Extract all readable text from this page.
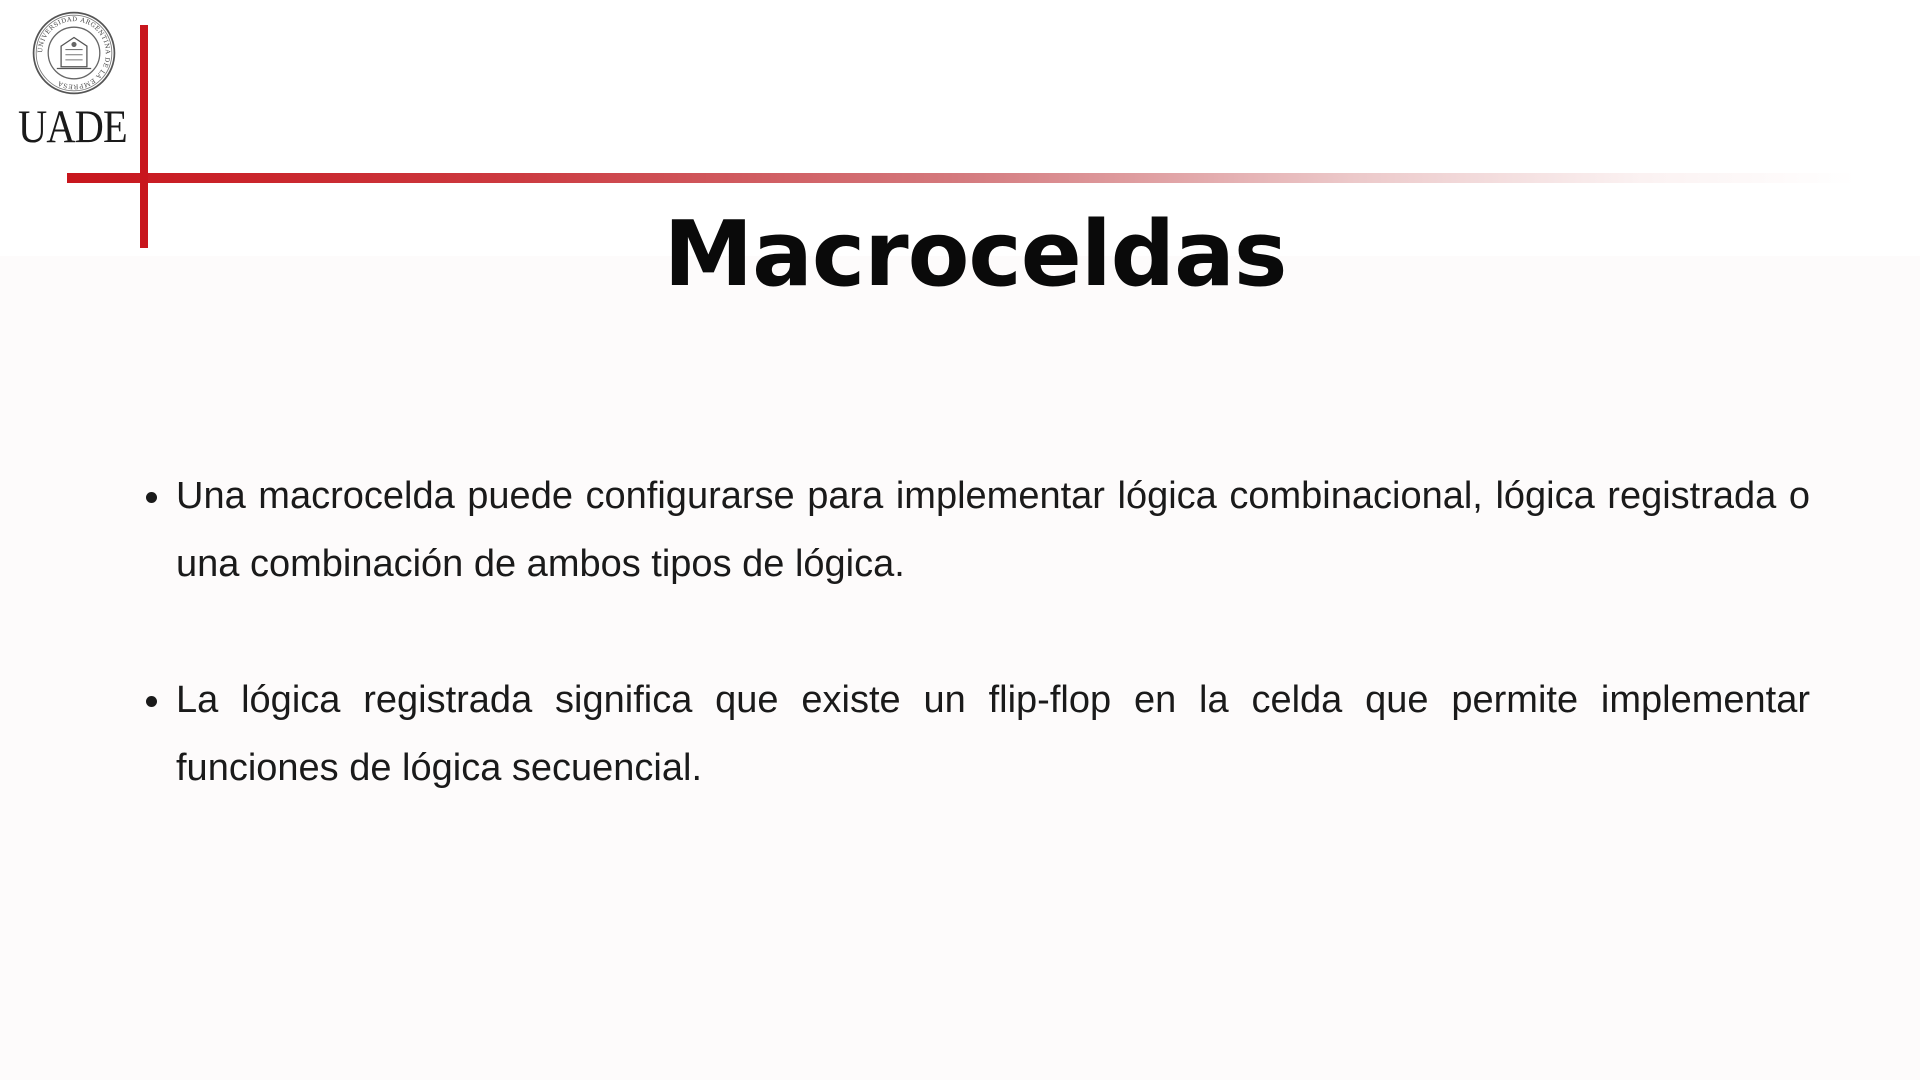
UNIVERSIDAD ARGENTINA DE LA EMPRESA
UADE
Macroceldas
Una macrocelda puede configurarse para implementar lógica combinacional, lógica registrada o una combinación de ambos tipos de lógica.
La lógica registrada significa que existe un flip-flop en la celda que permite implementar funciones de lógica secuencial.
